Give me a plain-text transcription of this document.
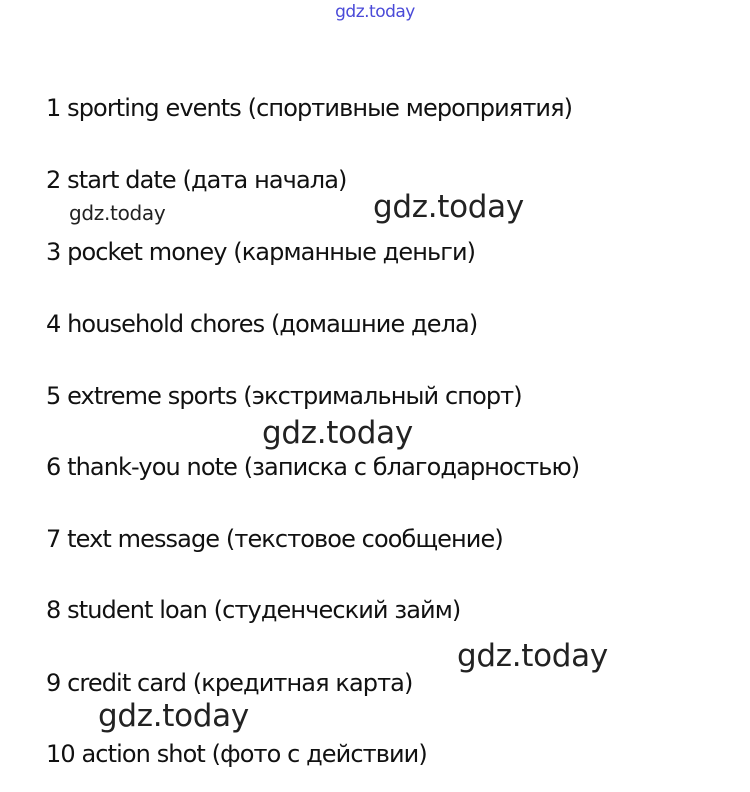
gdz.today
1 sporting events (спортивные мероприятия)
2 start date (дата начала)
3 pocket money (карманные деньги)
4 household chores (домашние дела)
5 extreme sports (экстримальный спорт)
6 thank-you note (записка с благодарностью)
7 text message (текстовое сообщение)
8 student loan (студенческий займ)
9 credit card (кредитная карта)
10 action shot (фото с действии)
gdz.today	gdz.today
gdz.today
gdz.today
gdz.today
